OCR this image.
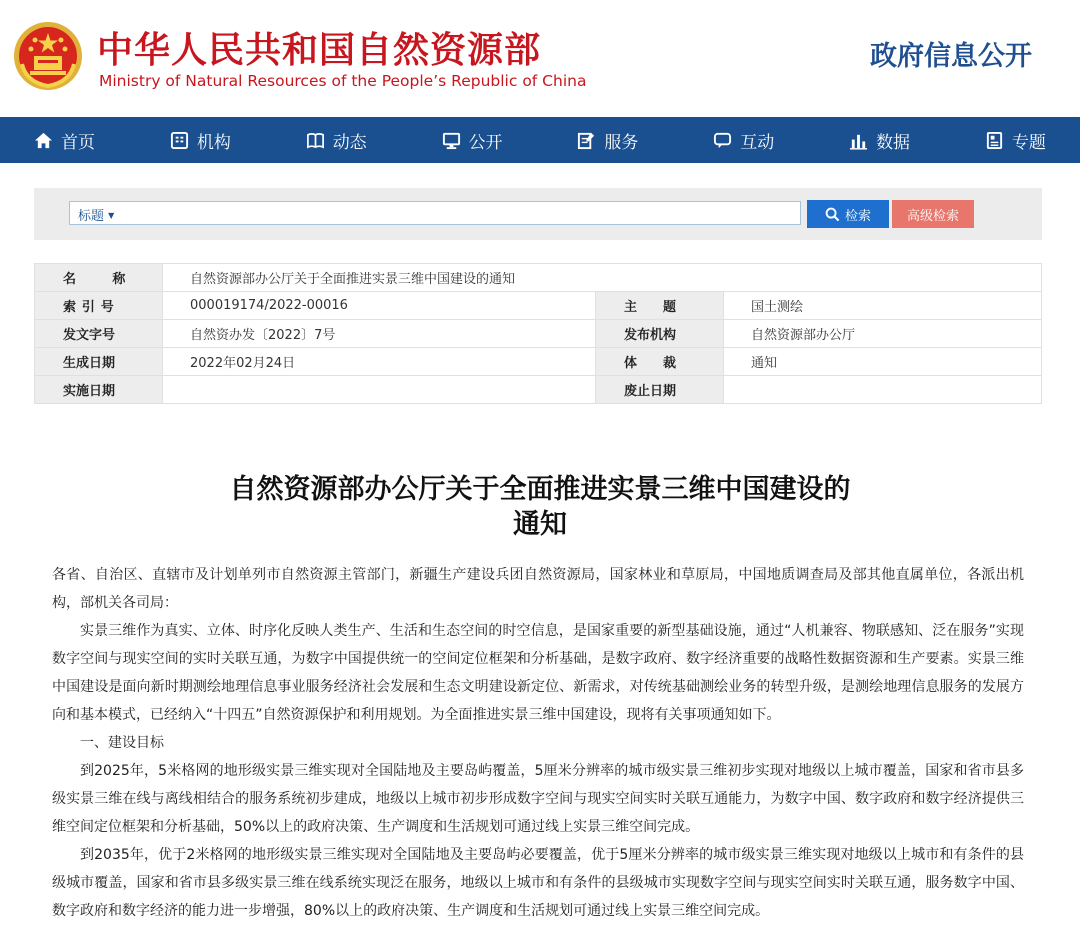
中华人民共和国自然资源部
Ministry of Natural Resources of the People’s Republic of China
政府信息公开
首页	机构	动态	公开	服务	互动	数据	专题
标题 ▼	检索	高级检索
名　称	自然资源部办公厅关于全面推进实景三维中国建设的通知		
索引号	000019174/2022-00016	主　题	国土测绘
发文字号	自然资办发〔2022〕7号	发布机构	自然资源部办公厅
生成日期	2022年02月24日	体　裁	通知
实施日期		废止日期	
自然资源部办公厅关于全面推进实景三维中国建设的
通知

各省、自治区、直辖市及计划单列市自然资源主管部门，新疆生产建设兵团自然资源局，国家林业和草原局，中国地质调查局及部其他直属单位，各派出机构，部机关各司局：

实景三维作为真实、立体、时序化反映人类生产、生活和生态空间的时空信息，是国家重要的新型基础设施，通过“人机兼容、物联感知、泛在服务”实现数字空间与现实空间的实时关联互通，为数字中国提供统一的空间定位框架和分析基础，是数字政府、数字经济重要的战略性数据资源和生产要素。实景三维中国建设是面向新时期测绘地理信息事业服务经济社会发展和生态文明建设新定位、新需求，对传统基础测绘业务的转型升级，是测绘地理信息服务的发展方向和基本模式，已经纳入“十四五”自然资源保护和利用规划。为全面推进实景三维中国建设，现将有关事项通知如下。

一、建设目标

到2025年，5米格网的地形级实景三维实现对全国陆地及主要岛屿覆盖，5厘米分辨率的城市级实景三维初步实现对地级以上城市覆盖，国家和省市县多级实景三维在线与离线相结合的服务系统初步建成，地级以上城市初步形成数字空间与现实空间实时关联互通能力，为数字中国、数字政府和数字经济提供三维空间定位框架和分析基础，50%以上的政府决策、生产调度和生活规划可通过线上实景三维空间完成。

到2035年，优于2米格网的地形级实景三维实现对全国陆地及主要岛屿必要覆盖，优于5厘米分辨率的城市级实景三维实现对地级以上城市和有条件的县级城市覆盖，国家和省市县多级实景三维在线系统实现泛在服务，地级以上城市和有条件的县级城市实现数字空间与现实空间实时关联互通，服务数字中国、数字政府和数字经济的能力进一步增强，80%以上的政府决策、生产调度和生活规划可通过线上实景三维空间完成。
